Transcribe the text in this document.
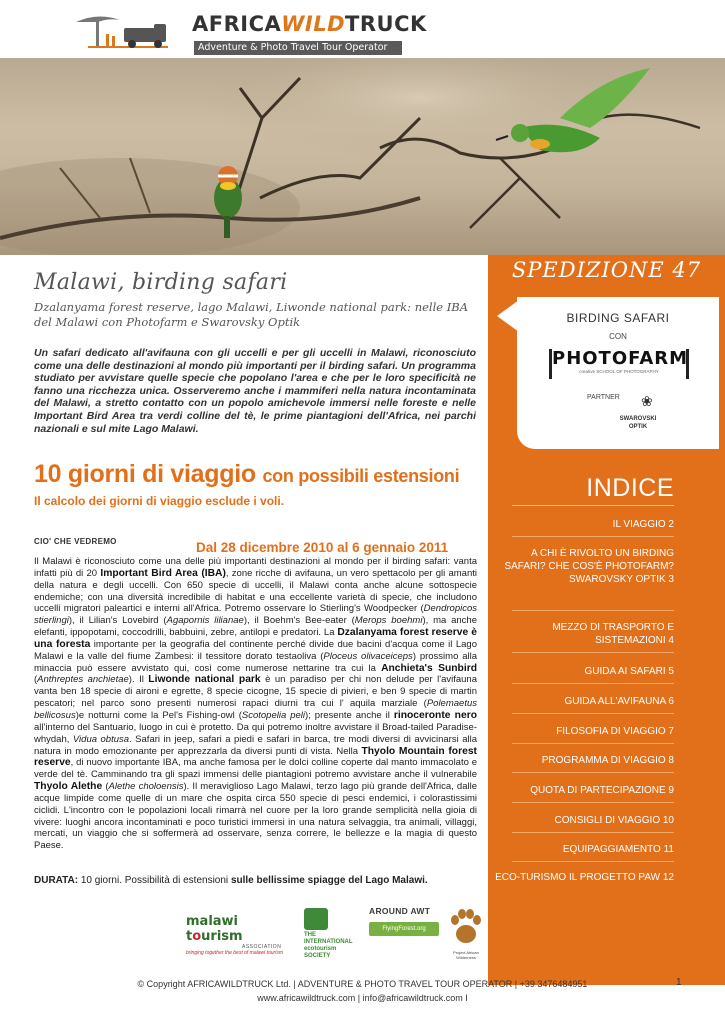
AFRICAWILDTRUCK
Adventure & Photo Travel Tour Operator
SPEDIZIONE 47
BIRDING SAFARI
CON
PHOTOFARM
creative SCHOOL OF PHOTOGRAPHY
PARTNER ❀
SWAROVSKI
OPTIK
INDICE
IL VIAGGIO 2
A CHI È RIVOLTO UN BIRDING SAFARI? CHE COS'È PHOTOFARM? SWAROVSKY OPTIK 3
MEZZO DI TRASPORTO E SISTEMAZIONI 4
GUIDA AI SAFARI 5
GUIDA ALL'AVIFAUNA 6
FILOSOFIA DI VIAGGIO 7
PROGRAMMA DI VIAGGIO 8
QUOTA DI PARTECIPAZIONE 9
CONSIGLI DI VIAGGIO 10
EQUIPAGGIAMENTO 11
ECO-TURISMO IL PROGETTO PAW 12
Malawi, birding safari
Dzalanyama forest reserve, lago Malawi, Liwonde national park: nelle IBA del Malawi con Photofarm e Swarovsky Optik
Un safari dedicato all'avifauna con gli uccelli e per gli uccelli in Malawi, riconosciuto come una delle destinazioni al mondo più importanti per il birding safari. Un programma studiato per avvistare quelle specie che popolano l'area e che per le loro specificità ne fanno una ricchezza unica. Osserveremo anche i mammiferi nella natura incontaminata del Malawi, a stretto contatto con un popolo amichevole immersi nelle foreste e nelle Important Bird Area tra verdi colline del tè, le prime piantagioni dell'Africa, nei parchi nazionali e sul mite Lago Malawi.
10 giorni di viaggio con possibili estensioni
Il calcolo dei giorni di viaggio esclude i voli.
CIO' CHE VEDREMO	Dal 28 dicembre 2010 al 6 gennaio 2011
Il Malawi è riconosciuto come una delle più importanti destinazioni al mondo per il birding safari: vanta infatti più di 20 Important Bird Area (IBA), zone ricche di avifauna, un vero spettacolo per gli amanti della natura e degli uccelli. Con 650 specie di uccelli, il Malawi conta anche alcune sottospecie endemiche; con una diversità incredibile di habitat e una eccellente varietà di specie, che includono uccelli migratori paleartici e interni all'Africa. Potremo osservare lo Stierling's Woodpecker (Dendropicos stierlingi), il Lilian's Lovebird (Agapornis lilianae), il Boehm's Bee-eater (Merops boehmi), ma anche elefanti, ippopotami, coccodrilli, babbuini, zebre, antilopi e predatori. La Dzalanyama forest reserve è una foresta importante per la geografia del continente perché divide due bacini d'acqua come il Lago Malawi e la valle del fiume Zambesi: il tessitore dorato testaoliva (Ploceus olivaceiceps) prossimo alla minaccia può essere avvistato qui, così come numerose nettarine tra cui la Anchieta's Sunbird (Anthreptes anchietae). Il Liwonde national park è un paradiso per chi non delude per l'avifauna vanta ben 18 specie di aironi e egrette, 8 specie cicogne, 15 specie di pivieri, e ben 9 specie di martin pescatori; nel parco sono presenti numerosi rapaci diurni tra cui l' aquila marziale (Polemaetus bellicosus)e notturni come la Pel's Fishing-owl (Scotopelia peli); presente anche il rinoceronte nero all'interno del Santuario, luogo in cui è protetto. Da qui potremo inoltre avvistare il Broad-tailed Paradise-whydah, Vidua obtusa. Safari in jeep, safari a piedi e safari in barca, tre modi diversi di avvicinarsi alla natura in modo emozionante per apprezzarla da diversi punti di vista. Nella Thyolo Mountain forest reserve, di nuovo importante IBA, ma anche famosa per le dolci colline coperte dal manto immacolato e verde del tè. Camminando tra gli spazi immensi delle piantagioni potremo avvistare anche il vulnerabile Thyolo Alethe (Alethe choloensis). Il meraviglioso Lago Malawi, terzo lago più grande dell'Africa, dalle acque limpide come quelle di un mare che ospita circa 550 specie di pesci endemici, i colorastissimi ciclidi. L'incontro con le popolazioni locali rimarrà nel cuore per la loro grande semplicità nella gioia di vivere: luoghi ancora incontaminati e poco turistici immersi in una natura selvaggia, tra animali, villaggi, mercati, un viaggio che si soffermerà ad osservare, senza correre, le bellezze e la magia di questo Paese.
DURATA: 10 giorni. Possibilità di estensioni sulle bellissime spiagge del Lago Malawi.
malawi tourism
ASSOCIATION
bringing together the best of malawi tourism
THE INTERNATIONAL ecotourism SOCIETY
AROUND AWT
FlyingForest.org
Project African Wilderness
© Copyright AFRICAWILDTRUCK Ltd. | ADVENTURE & PHOTO TRAVEL TOUR OPERATOR | +39 3476484951
www.africawildtruck.com | info@africawildtruck.com I
1
